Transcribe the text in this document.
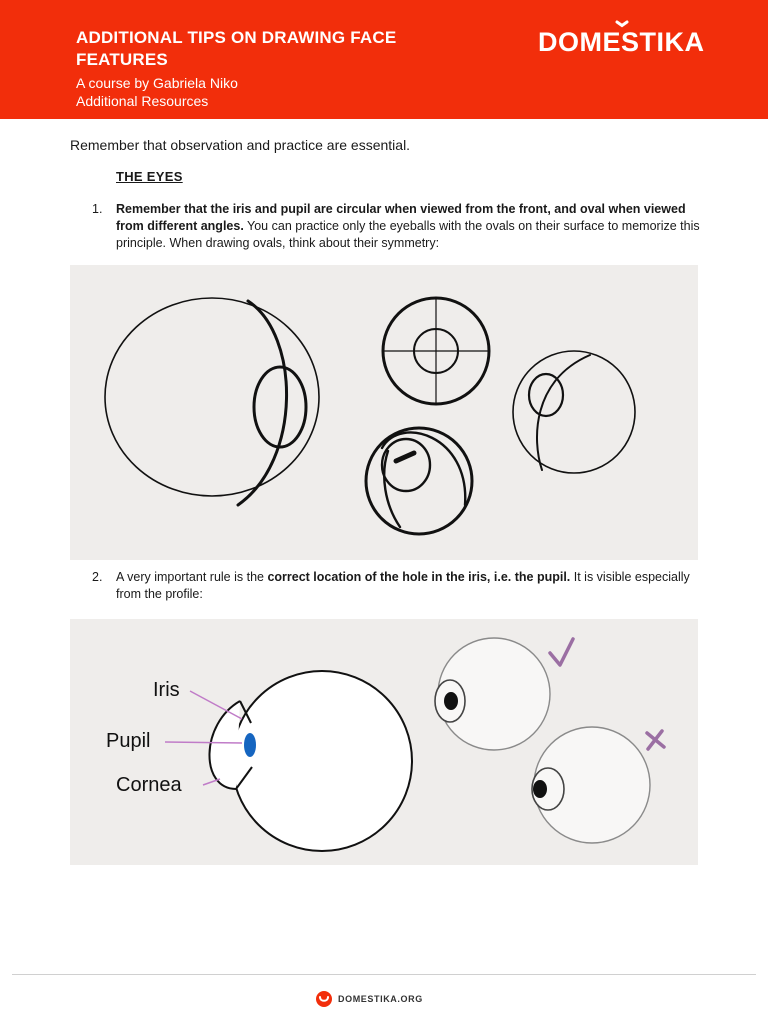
ADDITIONAL TIPS ON DRAWING FACE FEATURES
A course by Gabriela Niko
Additional Resources
DOMESTIKA
Remember that observation and practice are essential.
THE EYES
1. Remember that the iris and pupil are circular when viewed from the front, and oval when viewed from different angles. You can practice only the eyeballs with the ovals on their surface to memorize this principle. When drawing ovals, think about their symmetry:
2. A very important rule is the correct location of the hole in the iris, i.e. the pupil. It is visible especially from the profile:
Iris
Pupil
Cornea
DOMESTIKA.ORG
